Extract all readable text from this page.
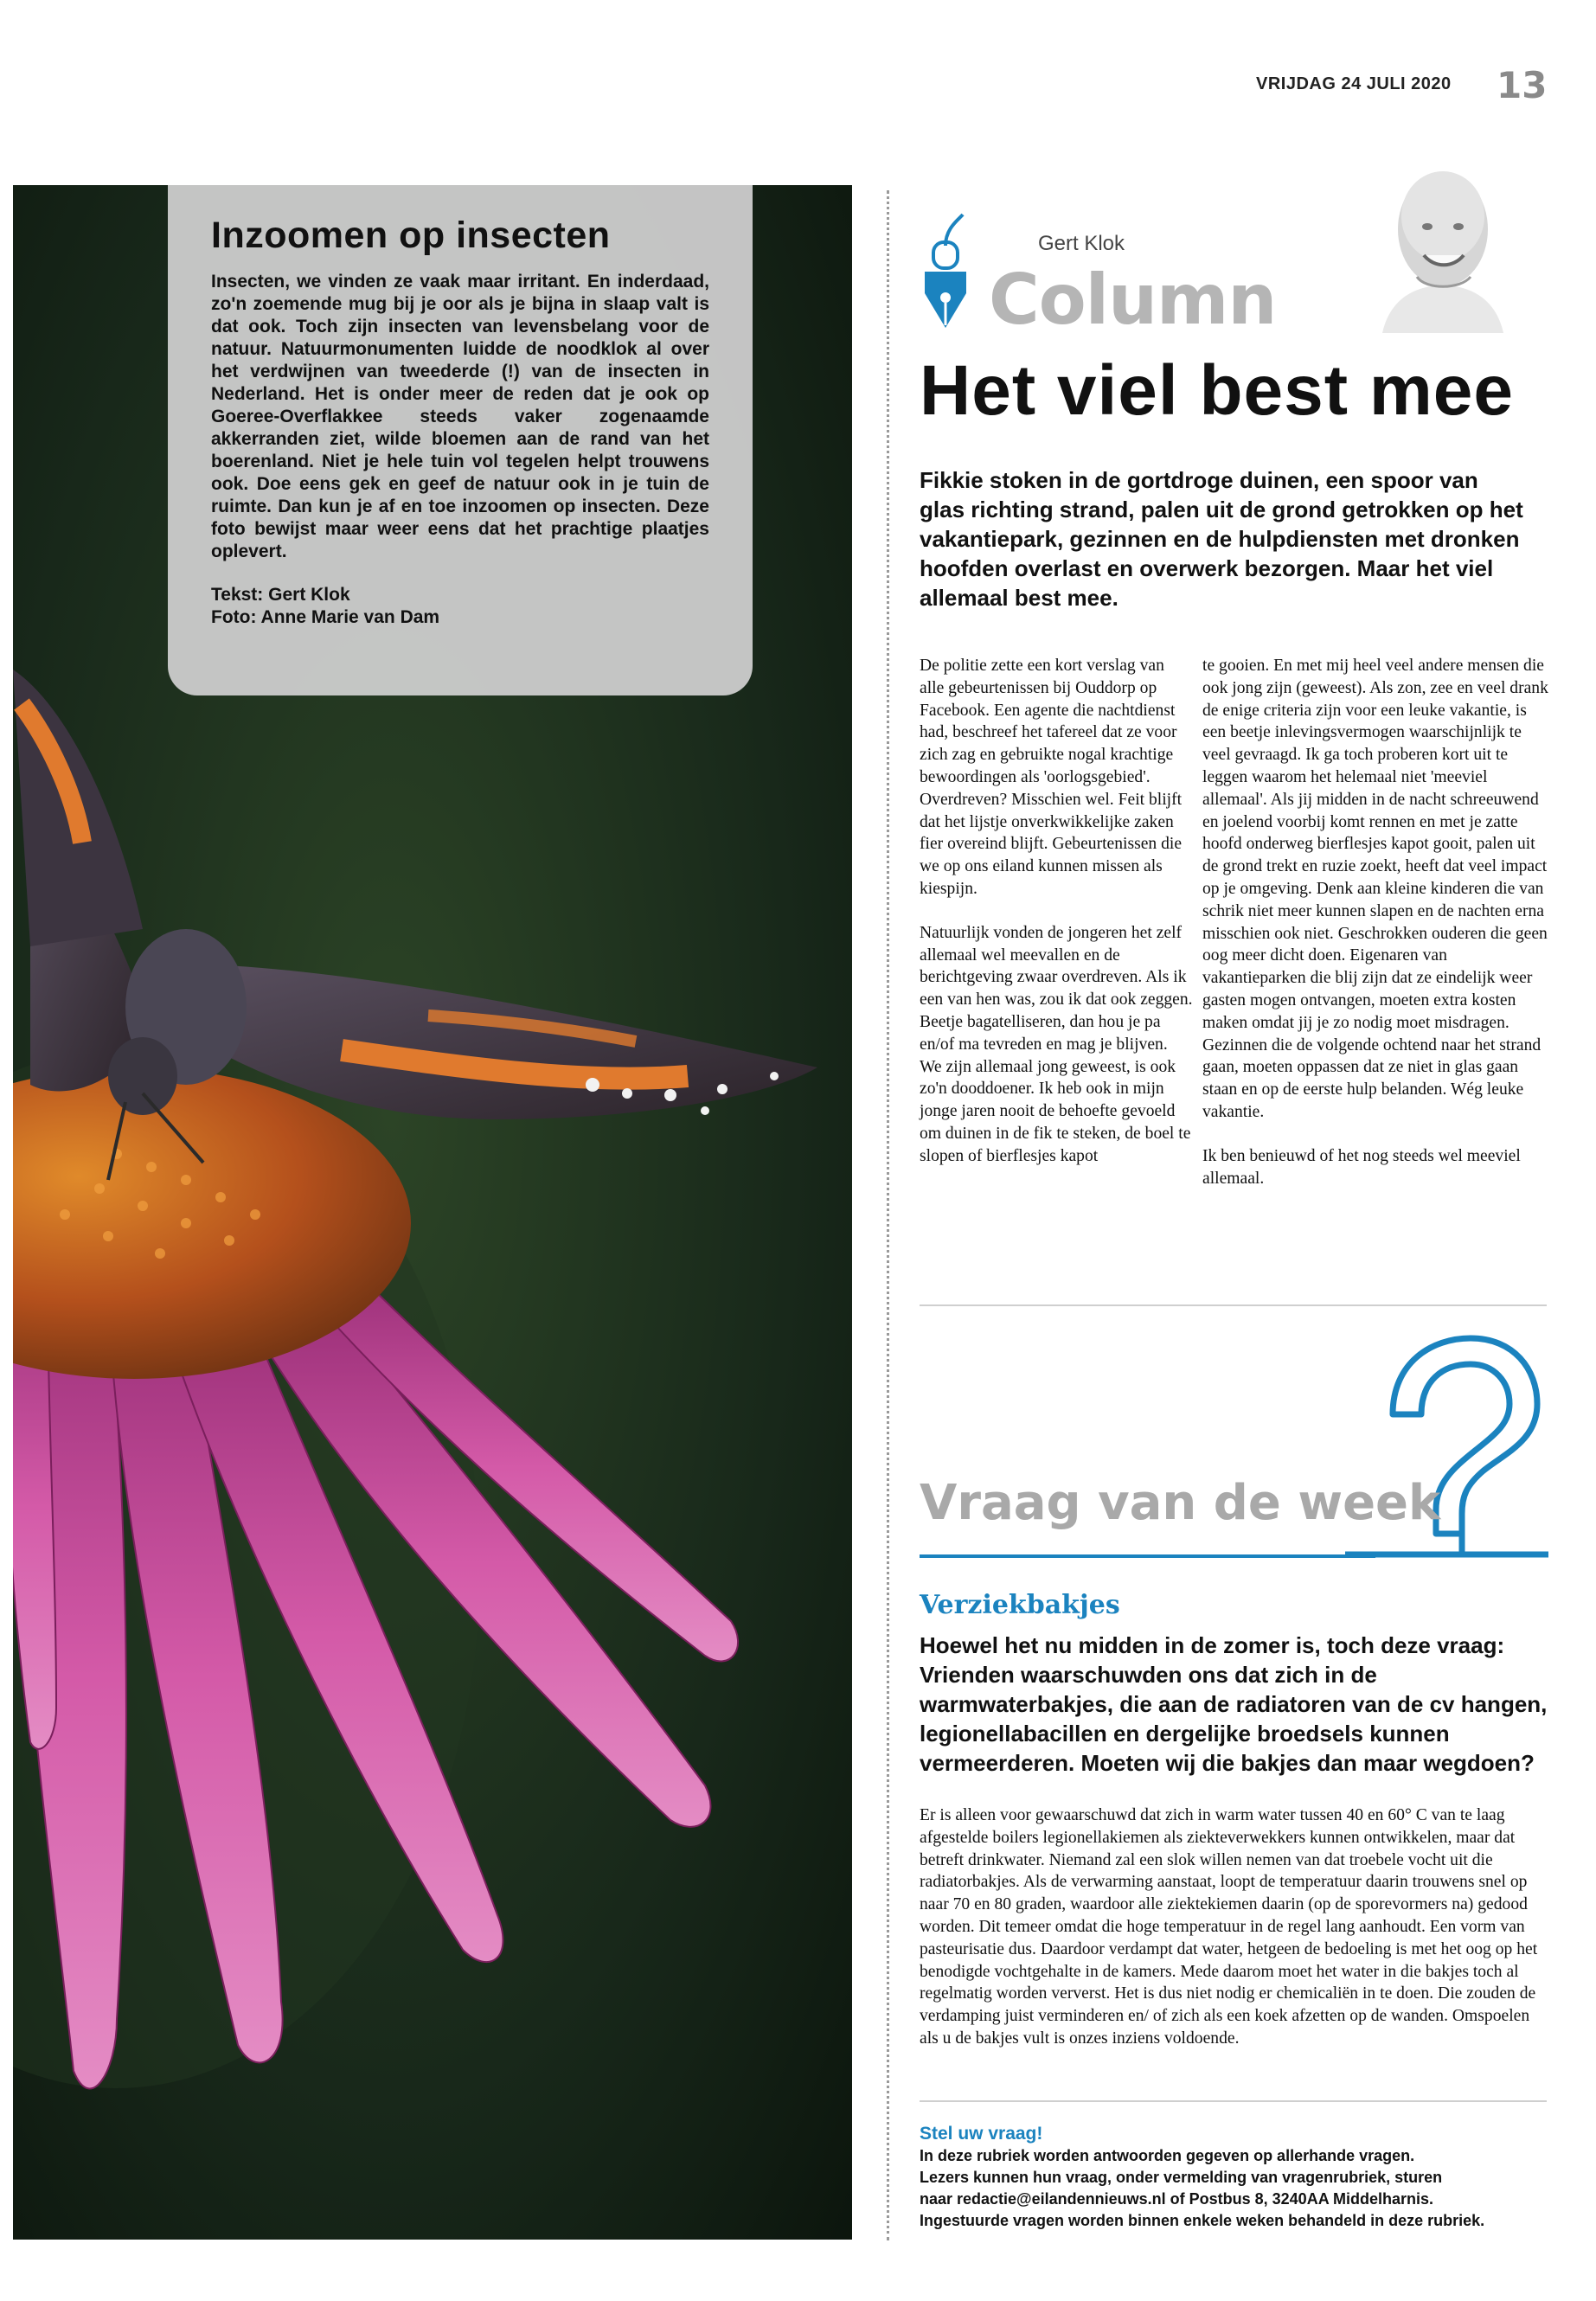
VRIJDAG 24 JULI 2020 13
Inzoomen op insecten

Insecten, we vinden ze vaak maar irritant. En inderdaad, zo'n zoemende mug bij je oor als je bijna in slaap valt is dat ook. Toch zijn insecten van levensbelang voor de natuur. Natuurmonumenten luidde de noodklok al over het verdwijnen van tweederde (!) van de insecten in Nederland. Het is onder meer de reden dat je ook op Goeree-Overflakkee steeds vaker zogenaamde akkerranden ziet, wilde bloemen aan de rand van het boerenland. Niet je hele tuin vol tegelen helpt trouwens ook. Doe eens gek en geef de natuur ook in je tuin de ruimte. Dan kun je af en toe inzoomen op insecten. Deze foto bewijst maar weer eens dat het prachtige plaatjes oplevert.

Tekst: Gert Klok
Foto: Anne Marie van Dam
Gert Klok
Column
Het viel best mee
Fikkie stoken in de gortdroge duinen, een spoor van glas richting strand, palen uit de grond getrokken op het vakantiepark, gezinnen en de hulpdiensten met dronken hoofden overlast en overwerk bezorgen. Maar het viel allemaal best mee.

De politie zette een kort verslag van alle gebeurtenissen bij Ouddorp op Facebook. Een agente die nachtdienst had, beschreef het tafereel dat ze voor zich zag en gebruikte nogal krachtige bewoordingen als 'oorlogsgebied'. Overdreven? Misschien wel. Feit blijft dat het lijstje onverkwikkelijke zaken fier overeind blijft. Gebeurtenissen die we op ons eiland kunnen missen als kiespijn.

Natuurlijk vonden de jongeren het zelf allemaal wel meevallen en de berichtgeving zwaar overdreven. Als ik een van hen was, zou ik dat ook zeggen. Beetje bagatelliseren, dan hou je pa en/of ma tevreden en mag je blijven. We zijn allemaal jong geweest, is ook zo'n dooddoener. Ik heb ook in mijn jonge jaren nooit de behoefte gevoeld om duinen in de fik te steken, de boel te slopen of bierflesjes kapot

te gooien. En met mij heel veel andere mensen die ook jong zijn (geweest). Als zon, zee en veel drank de enige criteria zijn voor een leuke vakantie, is een beetje inlevingsvermogen waarschijnlijk te veel gevraagd. Ik ga toch proberen kort uit te leggen waarom het helemaal niet 'meeviel allemaal'. Als jij midden in de nacht schreeuwend en joelend voorbij komt rennen en met je zatte hoofd onderweg bierflesjes kapot gooit, palen uit de grond trekt en ruzie zoekt, heeft dat veel impact op je omgeving. Denk aan kleine kinderen die van schrik niet meer kunnen slapen en de nachten erna misschien ook niet. Geschrokken ouderen die geen oog meer dicht doen. Eigenaren van vakantieparken die blij zijn dat ze eindelijk weer gasten mogen ontvangen, moeten extra kosten maken omdat jij je zo nodig moet misdragen. Gezinnen die de volgende ochtend naar het strand gaan, moeten oppassen dat ze niet in glas gaan staan en op de eerste hulp belanden. Wég leuke vakantie.

Ik ben benieuwd of het nog steeds wel meeviel allemaal.

Vraag van de week
Verziekbakjes
Hoewel het nu midden in de zomer is, toch deze vraag: Vrienden waarschuwden ons dat zich in de warmwaterbakjes, die aan de radiatoren van de cv hangen, legionellabacillen en dergelijke broedsels kunnen vermeerderen. Moeten wij die bakjes dan maar wegdoen?
Er is alleen voor gewaarschuwd dat zich in warm water tussen 40 en 60° C van te laag afgestelde boilers legionellakiemen als ziekteverwekkers kunnen ontwikkelen, maar dat betreft drinkwater. Niemand zal een slok willen nemen van dat troebele vocht uit die radiatorbakjes. Als de verwarming aanstaat, loopt de temperatuur daarin trouwens snel op naar 70 en 80 graden, waardoor alle ziektekiemen daarin (op de sporevormers na) gedood worden. Dit temeer omdat die hoge temperatuur in de regel lang aanhoudt. Een vorm van pasteurisatie dus. Daardoor verdampt dat water, hetgeen de bedoeling is met het oog op het benodigde vochtgehalte in de kamers. Mede daarom moet het water in die bakjes toch al regelmatig worden ververst. Het is dus niet nodig er chemicaliën in te doen. Die zouden de verdamping juist verminderen en/ of zich als een koek afzetten op de wanden. Omspoelen als u de bakjes vult is onzes inziens voldoende.
Stel uw vraag!
In deze rubriek worden antwoorden gegeven op allerhande vragen.
Lezers kunnen hun vraag, onder vermelding van vragenrubriek, sturen
naar redactie@eilandennieuws.nl of Postbus 8, 3240AA Middelharnis.
Ingestuurde vragen worden binnen enkele weken behandeld in deze rubriek.
